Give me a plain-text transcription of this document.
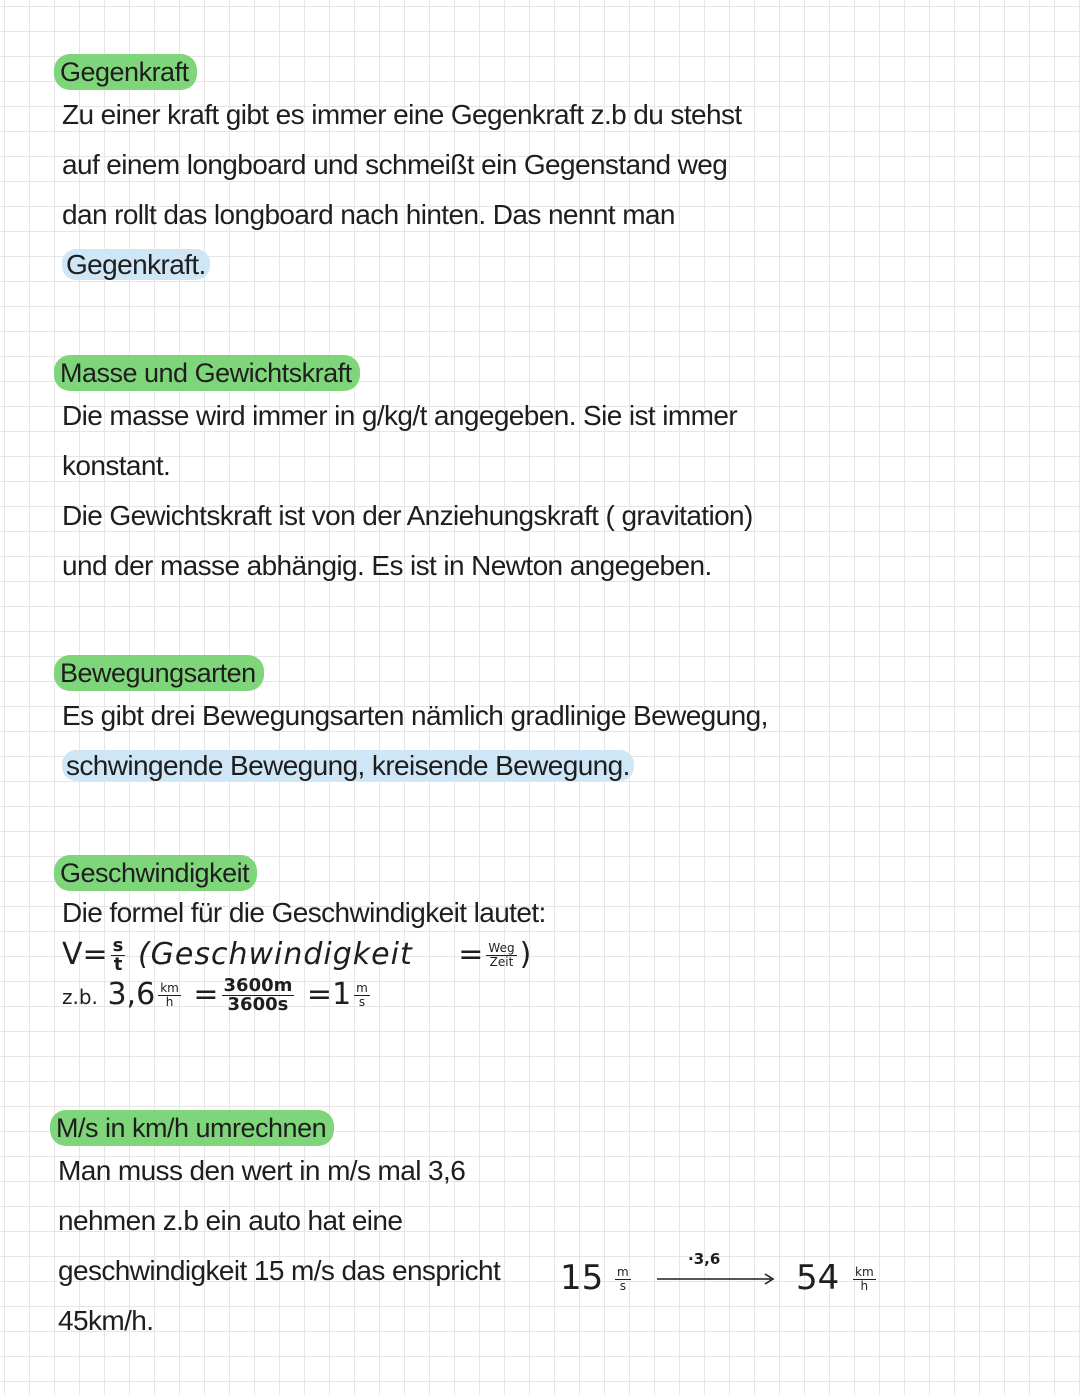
Gegenkraft
Zu einer kraft gibt es immer eine Gegenkraft z.b du stehst
auf einem longboard und schmeißt ein Gegenstand weg
dan rollt das longboard nach hinten. Das nennt man
Gegenkraft.
Masse und Gewichtskraft
Die masse wird immer in g/kg/t angegeben. Sie ist immer
konstant.
Die Gewichtskraft ist von der Anziehungskraft ( gravitation)
und der masse abhängig. Es ist in Newton angegeben.
Bewegungsarten
Es gibt drei Bewegungsarten nämlich gradlinige Bewegung,
schwingende Bewegung, kreisende Bewegung.
Geschwindigkeit
Die formel für die Geschwindigkeit lautet:
$V= \frac{s}{t}$ (Geschwindigkeit = $\frac{\text{Weg}}{\text{Zeit}}$ )
z.b. $3,6 \frac{km}{h} = \frac{3600m}{3600s} =1 \frac{m}{s}$
M/s in km/h umrechnen
Man muss den wert in m/s mal 3,6
nehmen z.b ein auto hat eine
geschwindigkeit 15 m/s das enspricht
45km/h.
$15 \frac{m}{s}$
·3,6 $54 \frac{km}{h}$
